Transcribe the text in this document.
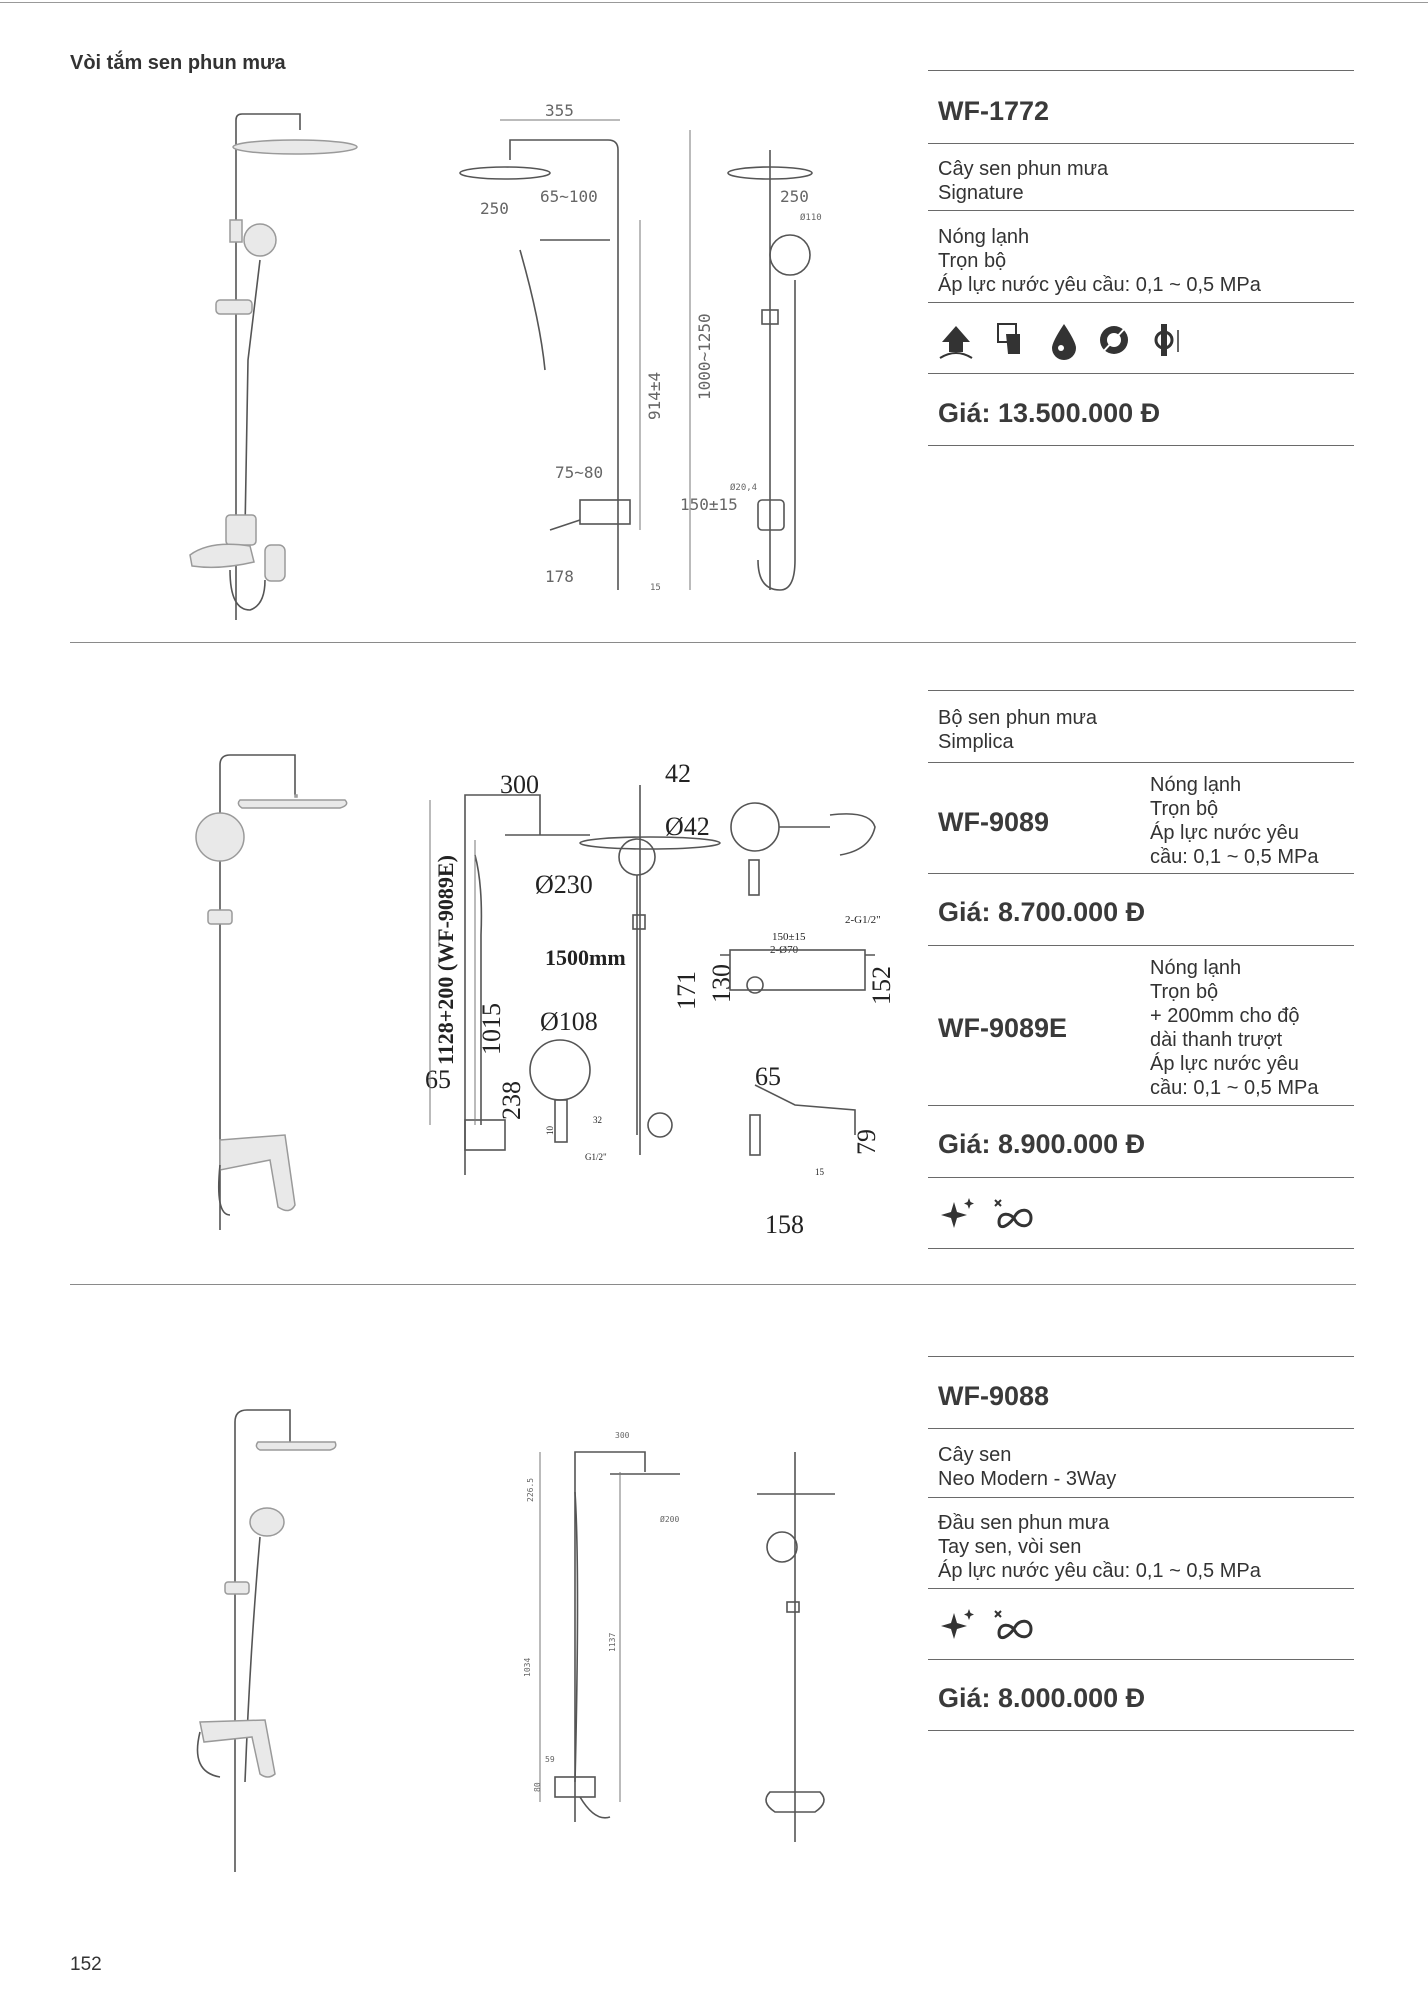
Vòi tắm sen phun mưa
355
250
65~100	250
Ø110
914±4 1000~1250
75~80
Ø20,4
150±15
178
15
WF-1772
Cây sen phun mưa
Signature
Nóng lạnh
Trọn bộ
Áp lực nước yêu cầu: 0,1 ~ 0,5 MPa
Giá: 13.500.000 Đ
300	42
Ø42
Ø230
1128+200 (WF-9089E) 1015
1500mm
Ø108
65
238
150±15
2-Ø70
2-G1/2"
171 130	152
65
79
158
G1/2"
10
32
15
Bộ sen phun mưa
Simplica
WF-9089
Nóng lạnh
Trọn bộ
Áp lực nước yêu
cầu: 0,1 ~ 0,5 MPa
Giá: 8.700.000 Đ
WF-9089E
Nóng lạnh
Trọn bộ
+ 200mm cho độ
dài thanh trượt
Áp lực nước yêu
cầu: 0,1 ~ 0,5 MPa
Giá: 8.900.000 Đ
300
226.5
Ø200
1034
1137
59
80
WF-9088
Cây sen
Neo Modern - 3Way
Đầu sen phun mưa
Tay sen, vòi sen
Áp lực nước yêu cầu: 0,1 ~ 0,5 MPa
Giá: 8.000.000 Đ
152
